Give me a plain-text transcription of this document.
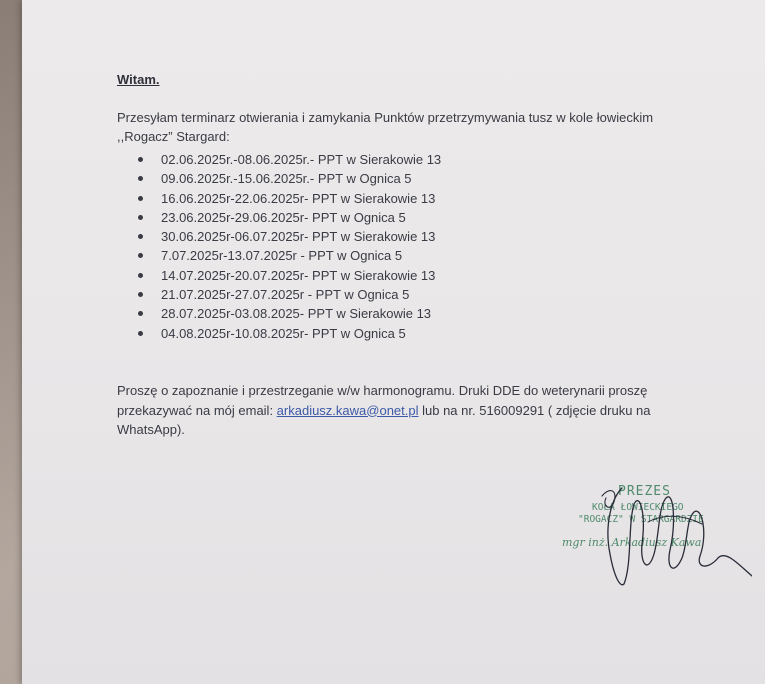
Witam.
Przesyłam terminarz otwierania i zamykania Punktów przetrzymywania tusz w kole łowieckim
,,Rogacz” Stargard:
02.06.2025r.-08.06.2025r.- PPT w Sierakowie 13
09.06.2025r.-15.06.2025r.- PPT w Ognica 5
16.06.2025r-22.06.2025r- PPT w Sierakowie 13
23.06.2025r-29.06.2025r- PPT w Ognica 5
30.06.2025r-06.07.2025r- PPT w Sierakowie 13
7.07.2025r-13.07.2025r - PPT w Ognica 5
14.07.2025r-20.07.2025r- PPT w Sierakowie 13
21.07.2025r-27.07.2025r - PPT w Ognica 5
28.07.2025r-03.08.2025- PPT w Sierakowie 13
04.08.2025r-10.08.2025r- PPT w Ognica 5
Proszę o zapoznanie i przestrzeganie w/w harmonogramu. Druki DDE do weterynarii proszę
przekazywać na mój email: arkadiusz.kawa@onet.pl lub na nr. 516009291 ( zdjęcie druku na
WhatsApp).
PREZES
KOŁA ŁOWIECKIEGO
"ROGACZ" W STARGARDZIE
mgr inż. Arkadiusz Kawa
